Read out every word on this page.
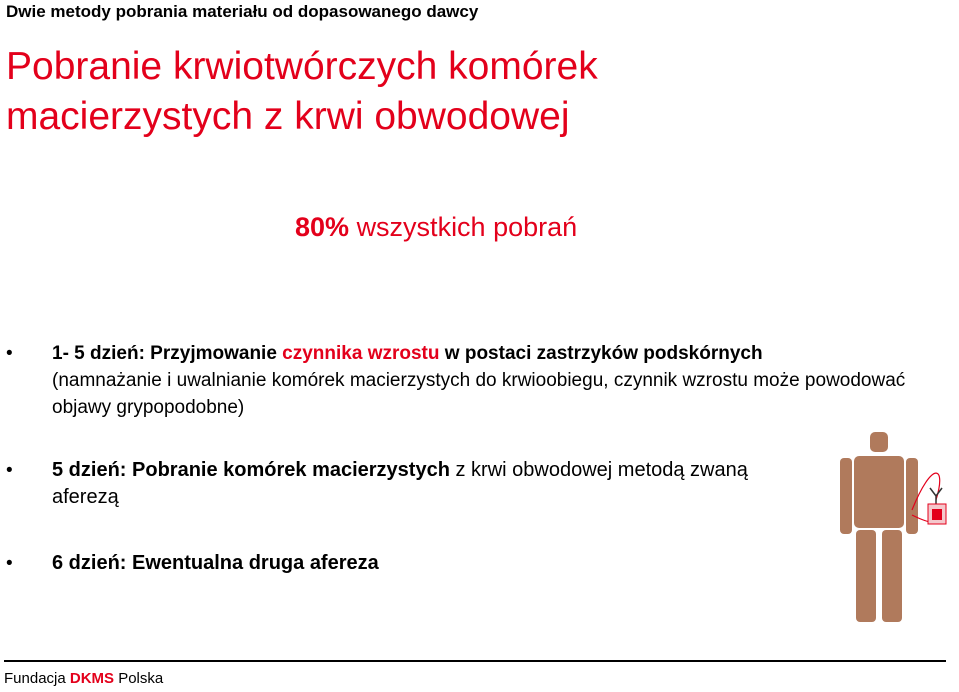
Dwie metody pobrania materiału od dopasowanego dawcy
Pobranie krwiotwórczych komórek
macierzystych z krwi obwodowej
80% wszystkich pobrań
• 1- 5 dzień: Przyjmowanie czynnika wzrostu w postaci zastrzyków podskórnych
(namnażanie i uwalnianie komórek macierzystych do krwioobiegu, czynnik wzrostu może powodować objawy grypopodobne)
• 5 dzień: Pobranie komórek macierzystych z krwi obwodowej metodą zwaną aferezą
• 6 dzień: Ewentualna druga afereza
Fundacja DKMS Polska
